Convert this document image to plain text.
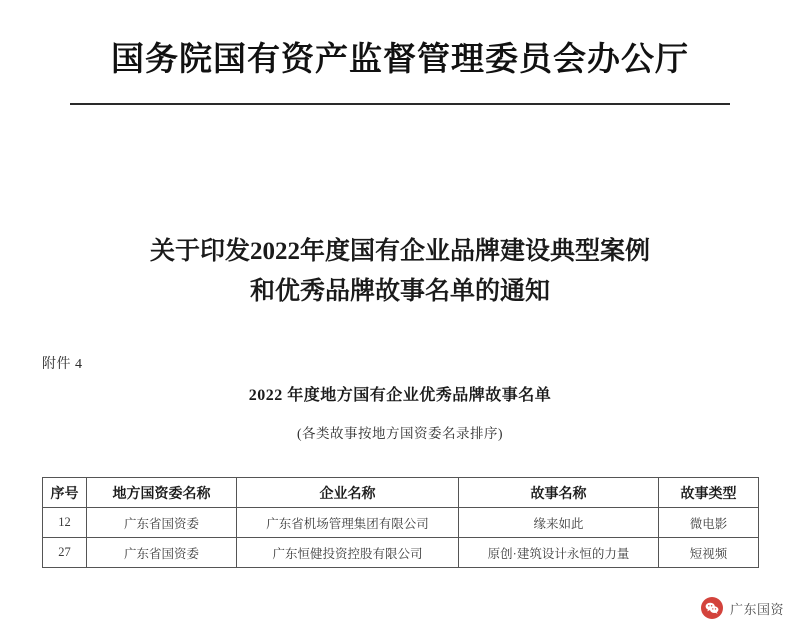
国务院国有资产监督管理委员会办公厅
关于印发2022年度国有企业品牌建设典型案例
和优秀品牌故事名单的通知
附件 4
2022 年度地方国有企业优秀品牌故事名单
(各类故事按地方国资委名录排序)
序号	地方国资委名称	企业名称	故事名称	故事类型
12	广东省国资委	广东省机场管理集团有限公司	缘来如此	微电影
27	广东省国资委	广东恒健投资控股有限公司	原创·建筑设计永恒的力量	短视频
广东国资
